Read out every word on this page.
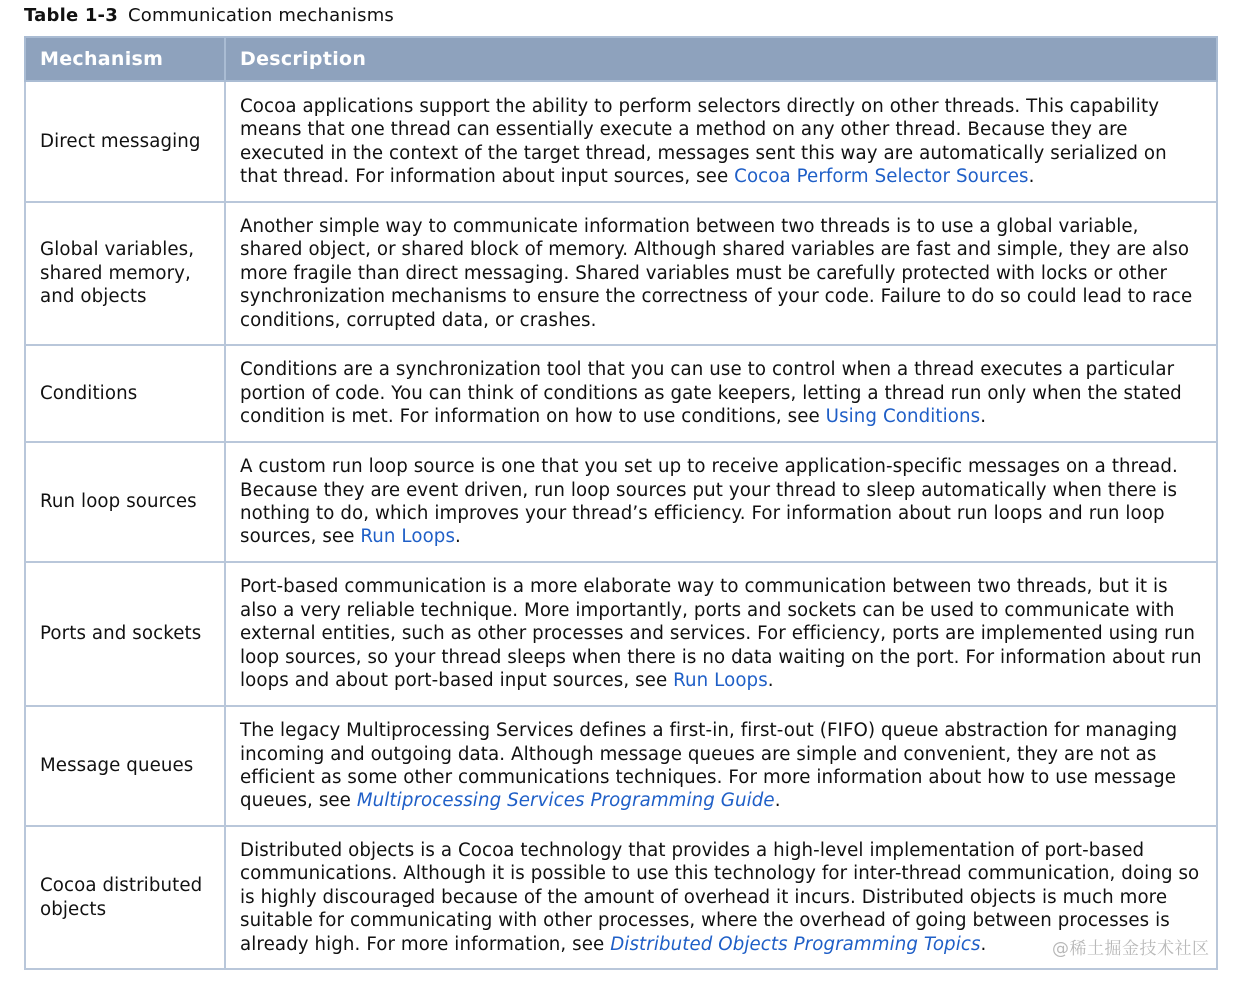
Table 1-3 Communication mechanisms
Mechanism	Description
Direct messaging	Cocoa applications support the ability to perform selectors directly on other threads. This capability means that one thread can essentially execute a method on any other thread. Because they are executed in the context of the target thread, messages sent this way are automatically serialized on that thread. For information about input sources, see Cocoa Perform Selector Sources.
Global variables, shared memory, and objects	Another simple way to communicate information between two threads is to use a global variable, shared object, or shared block of memory. Although shared variables are fast and simple, they are also more fragile than direct messaging. Shared variables must be carefully protected with locks or other synchronization mechanisms to ensure the correctness of your code. Failure to do so could lead to race conditions, corrupted data, or crashes.
Conditions	Conditions are a synchronization tool that you can use to control when a thread executes a particular portion of code. You can think of conditions as gate keepers, letting a thread run only when the stated condition is met. For information on how to use conditions, see Using Conditions.
Run loop sources	A custom run loop source is one that you set up to receive application-specific messages on a thread. Because they are event driven, run loop sources put your thread to sleep automatically when there is nothing to do, which improves your thread’s efficiency. For information about run loops and run loop sources, see Run Loops.
Ports and sockets	Port-based communication is a more elaborate way to communication between two threads, but it is also a very reliable technique. More importantly, ports and sockets can be used to communicate with external entities, such as other processes and services. For efficiency, ports are implemented using run loop sources, so your thread sleeps when there is no data waiting on the port. For information about run loops and about port-based input sources, see Run Loops.
Message queues	The legacy Multiprocessing Services defines a first-in, first-out (FIFO) queue abstraction for managing incoming and outgoing data. Although message queues are simple and convenient, they are not as efficient as some other communications techniques. For more information about how to use message queues, see Multiprocessing Services Programming Guide.
Cocoa distributed objects	Distributed objects is a Cocoa technology that provides a high-level implementation of port-based communications. Although it is possible to use this technology for inter-thread communication, doing so is highly discouraged because of the amount of overhead it incurs. Distributed objects is much more suitable for communicating with other processes, where the overhead of going between processes is already high. For more information, see Distributed Objects Programming Topics.	@稀土掘金技术社区
